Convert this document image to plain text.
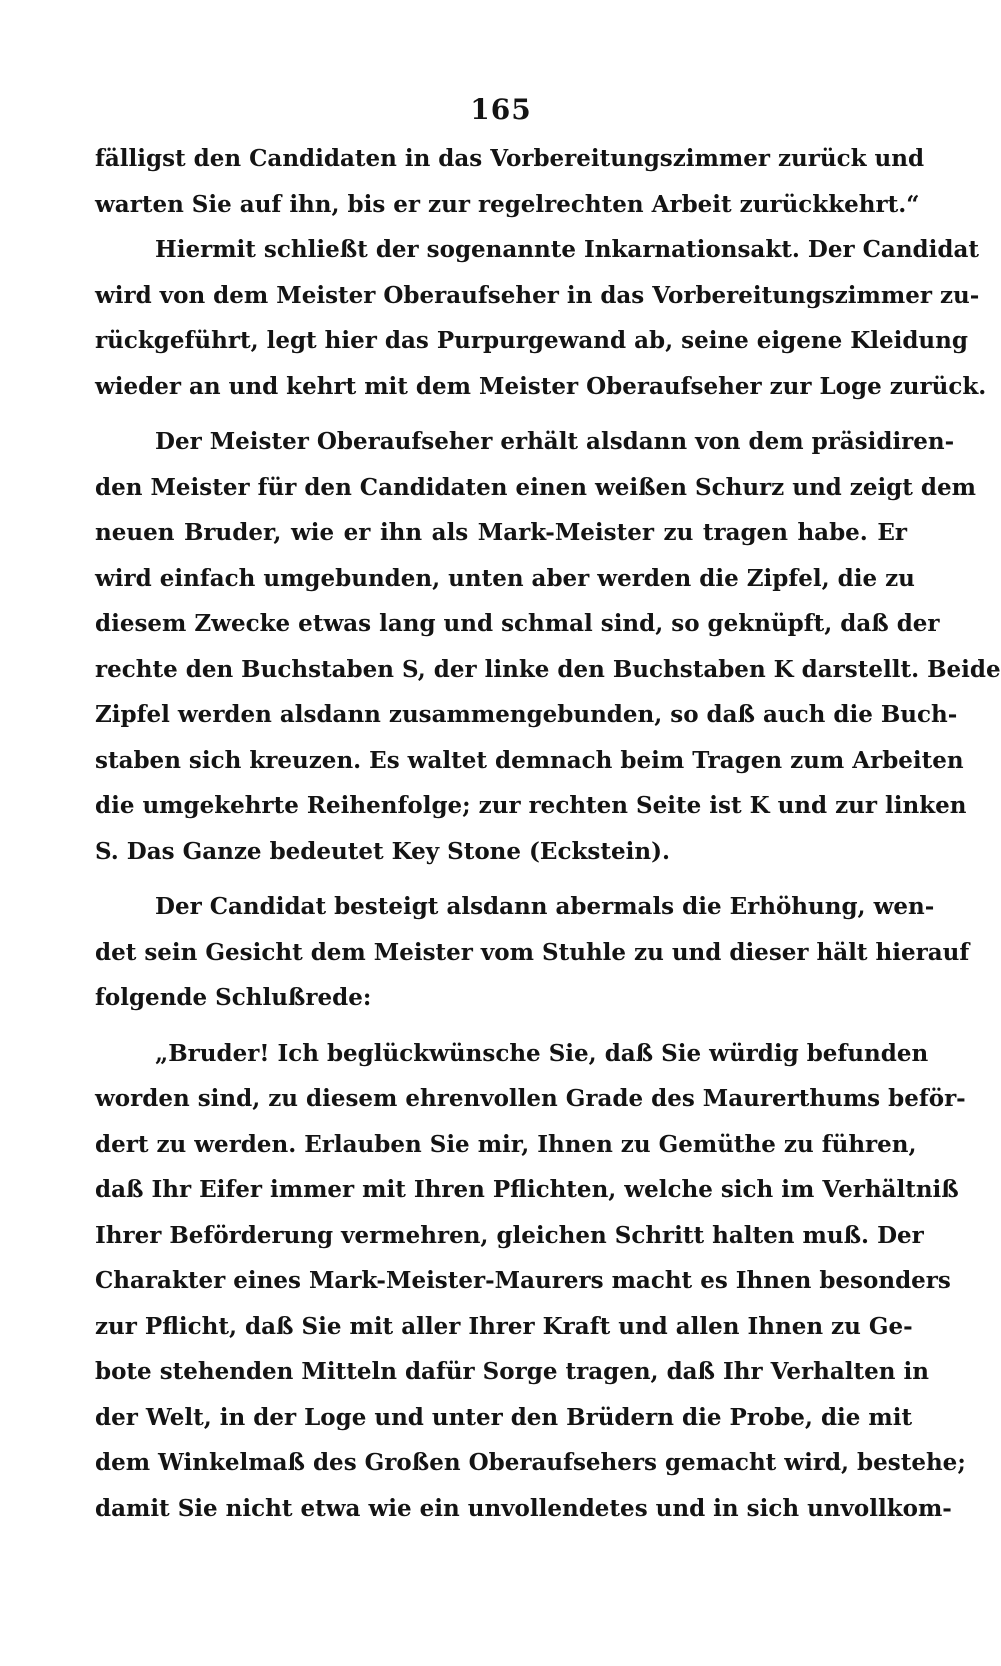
165
fälligst den Candidaten in das Vorbereitungszimmer zurück und
warten Sie auf ihn, bis er zur regelrechten Arbeit zurückkehrt.“
Hiermit schließt der sogenannte Inkarnationsakt. Der Candidat
wird von dem Meister Oberaufseher in das Vorbereitungszimmer zu-
rückgeführt, legt hier das Purpurgewand ab, seine eigene Kleidung
wieder an und kehrt mit dem Meister Oberaufseher zur Loge zurück.
Der Meister Oberaufseher erhält alsdann von dem präsidiren-
den Meister für den Candidaten einen weißen Schurz und zeigt dem
neuen Bruder, wie er ihn als Mark-Meister zu tragen habe. Er
wird einfach umgebunden, unten aber werden die Zipfel, die zu
diesem Zwecke etwas lang und schmal sind, so geknüpft, daß der
rechte den Buchstaben S, der linke den Buchstaben K darstellt. Beide
Zipfel werden alsdann zusammengebunden, so daß auch die Buch-
staben sich kreuzen. Es waltet demnach beim Tragen zum Arbeiten
die umgekehrte Reihenfolge; zur rechten Seite ist K und zur linken
S. Das Ganze bedeutet Key Stone (Eckstein).
Der Candidat besteigt alsdann abermals die Erhöhung, wen-
det sein Gesicht dem Meister vom Stuhle zu und dieser hält hierauf
folgende Schlußrede:
„Bruder! Ich beglückwünsche Sie, daß Sie würdig befunden
worden sind, zu diesem ehrenvollen Grade des Maurerthums beför-
dert zu werden. Erlauben Sie mir, Ihnen zu Gemüthe zu führen,
daß Ihr Eifer immer mit Ihren Pflichten, welche sich im Verhältniß
Ihrer Beförderung vermehren, gleichen Schritt halten muß. Der
Charakter eines Mark-Meister-Maurers macht es Ihnen besonders
zur Pflicht, daß Sie mit aller Ihrer Kraft und allen Ihnen zu Ge-
bote stehenden Mitteln dafür Sorge tragen, daß Ihr Verhalten in
der Welt, in der Loge und unter den Brüdern die Probe, die mit
dem Winkelmaß des Großen Oberaufsehers gemacht wird, bestehe;
damit Sie nicht etwa wie ein unvollendetes und in sich unvollkom-
